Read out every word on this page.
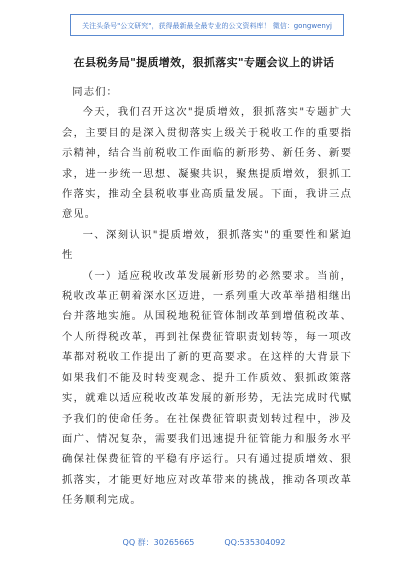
关注头条号"公文研究"，获得最新最全最专业的公文资料库！ 微信：gongwenyj
在县税务局"提质增效，狠抓落实"专题会议上的讲话

同志们：

今天，我们召开这次"提质增效，狠抓落实"专题扩大会，主要目的是深入贯彻落实上级关于税收工作的重要指示精神，结合当前税收工作面临的新形势、新任务、新要求，进一步统一思想、凝聚共识，聚焦提质增效，狠抓工作落实，推动全县税收事业高质量发展。下面，我讲三点意见。

一、深刻认识"提质增效，狠抓落实"的重要性和紧迫性

（一）适应税收改革发展新形势的必然要求。当前，税收改革正朝着深水区迈进，一系列重大改革举措相继出台并落地实施。从国税地税征管体制改革到增值税改革、个人所得税改革，再到社保费征管职责划转等，每一项改革都对税收工作提出了新的更高要求。在这样的大背景下如果我们不能及时转变观念、提升工作质效、狠抓政策落实，就难以适应税收改革发展的新形势，无法完成时代赋予我们的使命任务。在社保费征管职责划转过程中，涉及面广、情况复杂，需要我们迅速提升征管能力和服务水平确保社保费征管的平稳有序运行。只有通过提质增效、狠抓落实，才能更好地应对改革带来的挑战，推动各项改革任务顺利完成。

QQ 群：30265665	QQ:535304092
